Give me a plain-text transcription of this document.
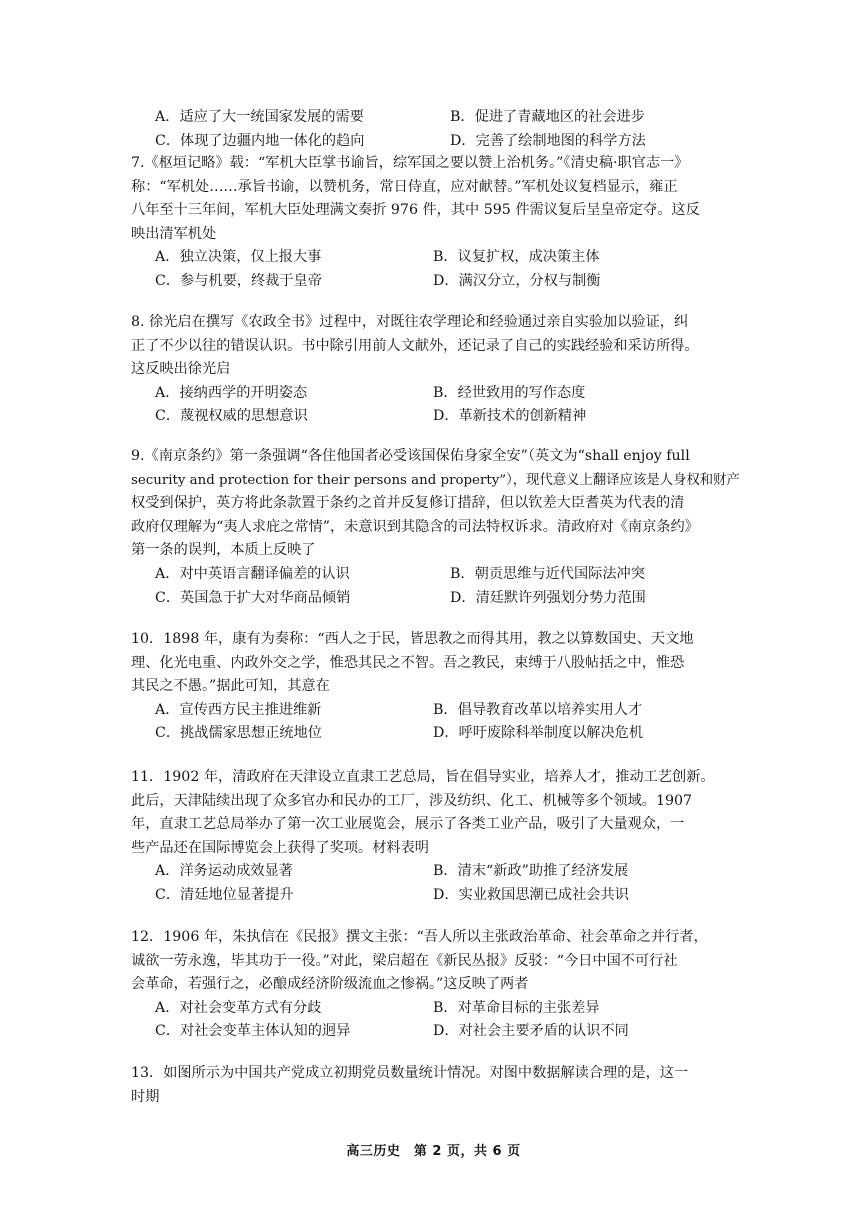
A．适应了大一统国家发展的需要	B．促进了青藏地区的社会进步
C．体现了边疆内地一体化的趋向	D．完善了绘制地图的科学方法
7.《枢垣记略》载：“军机大臣掌书谕旨，综军国之要以赞上治机务。”《清史稿·职官志一》
称：“军机处……承旨书谕，以赞机务，常日侍直，应对献替。”军机处议复档显示，雍正
八年至十三年间，军机大臣处理满文奏折 976 件，其中 595 件需议复后呈皇帝定夺。这反
映出清军机处
A．独立决策，仅上报大事	B．议复扩权，成决策主体
C．参与机要，终裁于皇帝	D．满汉分立，分权与制衡
8. 徐光启在撰写《农政全书》过程中，对既往农学理论和经验通过亲自实验加以验证，纠
正了不少以往的错误认识。书中除引用前人文献外，还记录了自己的实践经验和采访所得。
这反映出徐光启
A．接纳西学的开明姿态	B．经世致用的写作态度
C．蔑视权威的思想意识	D．革新技术的创新精神
9.《南京条约》第一条强调“各住他国者必受该国保佑身家全安”（英文为“shall enjoy full
security and protection for their persons and property”），现代意义上翻译应该是人身权和财产
权受到保护，英方将此条款置于条约之首并反复修订措辞，但以钦差大臣耆英为代表的清
政府仅理解为“夷人求庇之常情”，未意识到其隐含的司法特权诉求。清政府对《南京条约》
第一条的误判，本质上反映了
A．对中英语言翻译偏差的认识	B．朝贡思维与近代国际法冲突
C．英国急于扩大对华商品倾销	D．清廷默许列强划分势力范围
10．1898 年，康有为奏称：“西人之于民，皆思教之而得其用，教之以算数国史、天文地
理、化光电重、内政外交之学，惟恐其民之不智。吾之教民，束缚于八股帖括之中，惟恐
其民之不愚。”据此可知，其意在
A．宣传西方民主推进维新	B．倡导教育改革以培养实用人才
C．挑战儒家思想正统地位	D．呼吁废除科举制度以解决危机
11．1902 年，清政府在天津设立直隶工艺总局，旨在倡导实业，培养人才，推动工艺创新。
此后，天津陆续出现了众多官办和民办的工厂，涉及纺织、化工、机械等多个领域。1907
年，直隶工艺总局举办了第一次工业展览会，展示了各类工业产品，吸引了大量观众，一
些产品还在国际博览会上获得了奖项。材料表明
A．洋务运动成效显著	B．清末“新政”助推了经济发展
C．清廷地位显著提升	D．实业救国思潮已成社会共识
12．1906 年，朱执信在《民报》撰文主张：“吾人所以主张政治革命、社会革命之并行者，
诚欲一劳永逸，毕其功于一役。”对此，梁启超在《新民丛报》反驳：“今日中国不可行社
会革命，若强行之，必酿成经济阶级流血之惨祸。”这反映了两者
A．对社会变革方式有分歧	B．对革命目标的主张差异
C．对社会变革主体认知的迥异	D．对社会主要矛盾的认识不同
13．如图所示为中国共产党成立初期党员数量统计情况。对图中数据解读合理的是，这一
时期
高三历史　第 2 页，共 6 页
